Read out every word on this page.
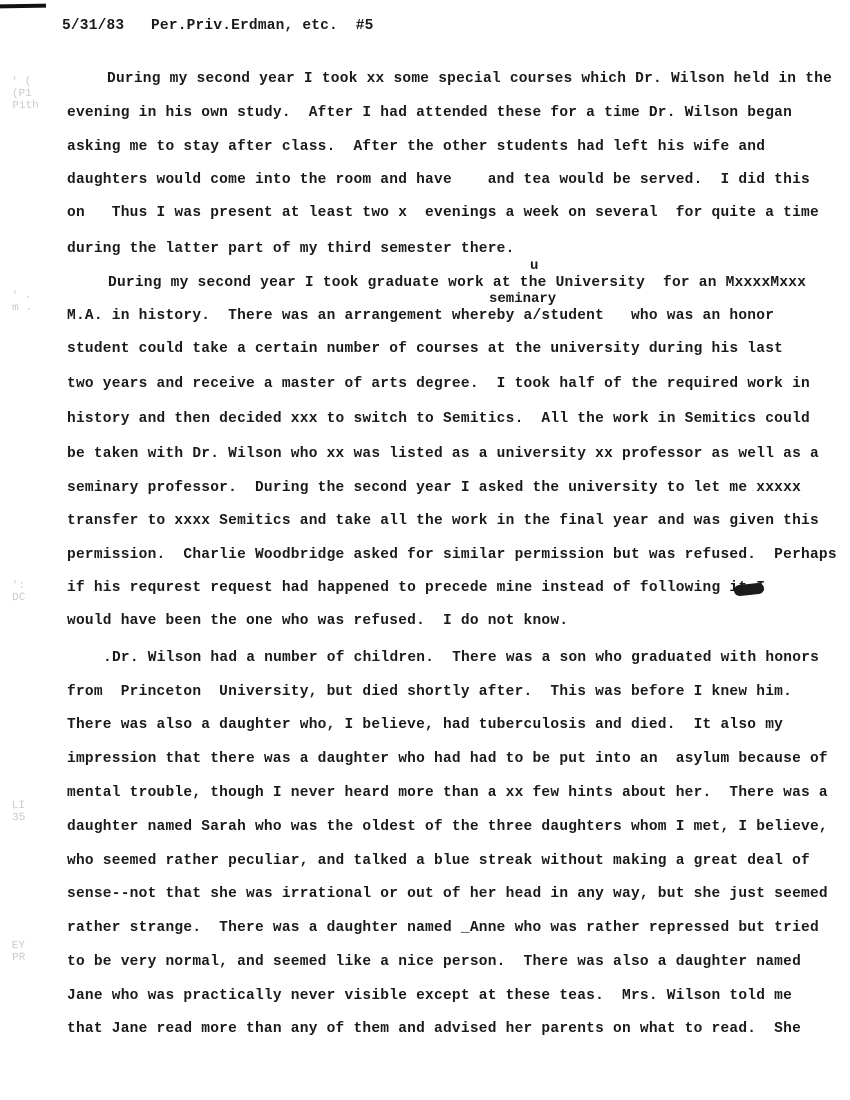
5/31/83   Per.Priv.Erdman, etc.  #5
' (
(P1
Pith
' .
m .
':
DC
LI
35
EY
PR
u
seminary
During my second year I took xx some special courses which Dr. Wilson held in the
evening in his own study.  After I had attended these for a time Dr. Wilson began
asking me to stay after class.  After the other students had left his wife and
daughters would come into the room and have    and tea would be served.  I did this
on   Thus I was present at least two x  evenings a week on several  for quite a time
during the latter part of my third semester there.
During my second year I took graduate work at the University  for an MxxxxMxxx
M.A. in history.  There was an arrangement whereby a/student   who was an honor
student could take a certain number of courses at the university during his last
two years and receive a master of arts degree.  I took half of the required work in
history and then decided xxx to switch to Semitics.  All the work in Semitics could
be taken with Dr. Wilson who xx was listed as a university xx professor as well as a
seminary professor.  During the second year I asked the university to let me xxxxx
transfer to xxxx Semitics and take all the work in the final year and was given this
permission.  Charlie Woodbridge asked for similar permission but was refused.  Perhaps
if his requrest request had happened to precede mine instead of following it I
would have been the one who was refused.  I do not know.
.Dr. Wilson had a number of children.  There was a son who graduated with honors
from  Princeton  University, but died shortly after.  This was before I knew him.
There was also a daughter who, I believe, had tuberculosis and died.  It also my
impression that there was a daughter who had had to be put into an  asylum because of
mental trouble, though I never heard more than a xx few hints about her.  There was a
daughter named Sarah who was the oldest of the three daughters whom I met, I believe,
who seemed rather peculiar, and talked a blue streak without making a great deal of
sense--not that she was irrational or out of her head in any way, but she just seemed
rather strange.  There was a daughter named _Anne who was rather repressed but tried
to be very normal, and seemed like a nice person.  There was also a daughter named
Jane who was practically never visible except at these teas.  Mrs. Wilson told me
that Jane read more than any of them and advised her parents on what to read.  She
